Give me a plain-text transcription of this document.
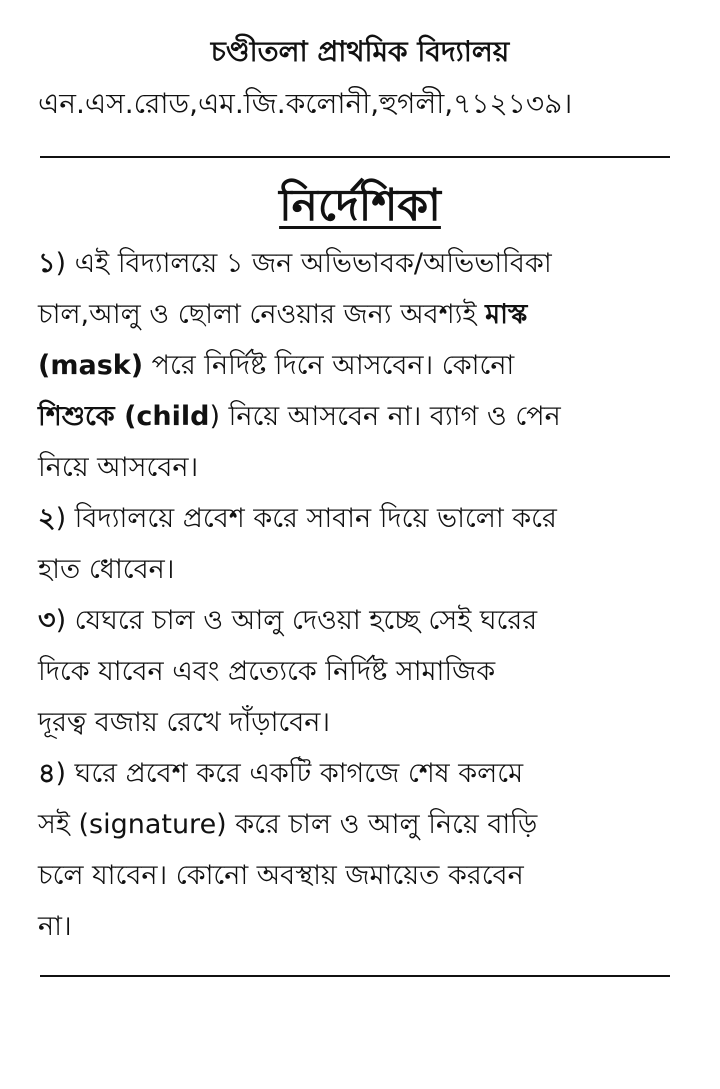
চণ্ডীতলা প্রাথমিক বিদ্যালয়

এন.এস.রোড,এম.জি.কলোনী,হুগলী,৭১২১৩৯।

নির্দেশিকা
১) এই বিদ্যালয়ে ১ জন অভিভাবক/অভিভাবিকা
চাল,আলু ও ছোলা নেওয়ার জন্য অবশ্যই মাস্ক
(mask) পরে নির্দিষ্ট দিনে আসবেন। কোনো
শিশুকে (child) নিয়ে আসবেন না। ব্যাগ ও পেন
নিয়ে আসবেন।
২) বিদ্যালয়ে প্রবেশ করে সাবান দিয়ে ভালো করে
হাত ধোবেন।
৩) যেঘরে চাল ও আলু দেওয়া হচ্ছে সেই ঘরের
দিকে যাবেন এবং প্রত্যেকে নির্দিষ্ট সামাজিক
দূরত্ব বজায় রেখে দাঁড়াবেন।
৪) ঘরে প্রবেশ করে একটি কাগজে শেষ কলমে
সই (signature) করে চাল ও আলু নিয়ে বাড়ি
চলে যাবেন। কোনো অবস্থায় জমায়েত করবেন
না।
